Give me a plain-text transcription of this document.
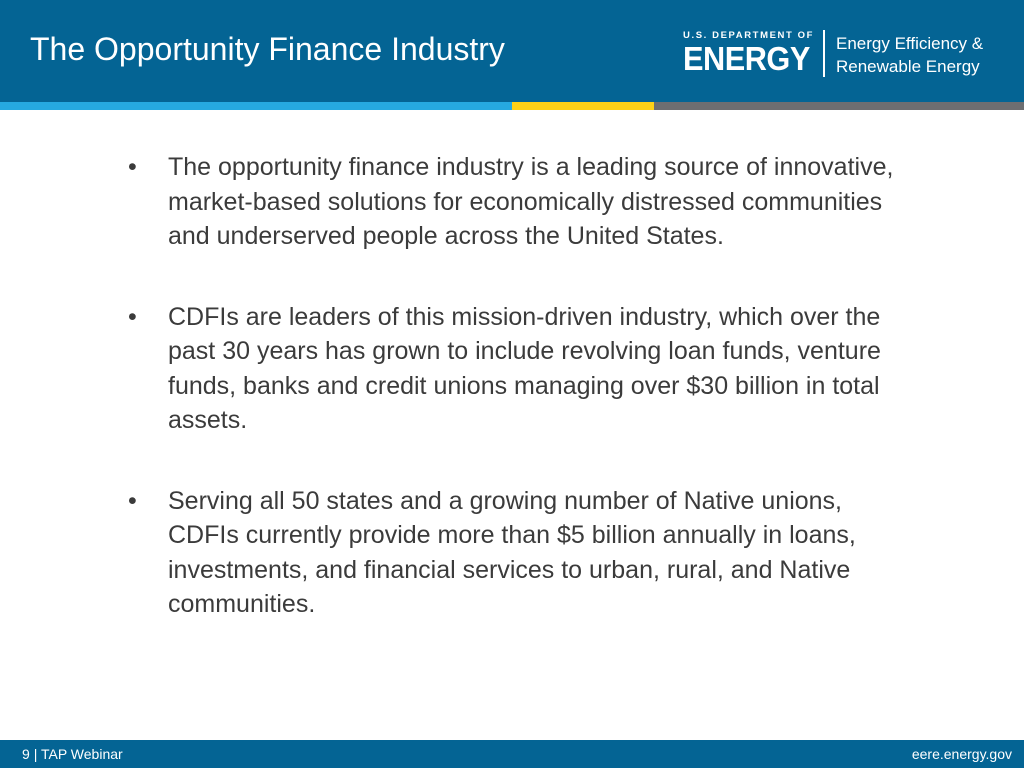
The Opportunity Finance Industry	U.S. DEPARTMENT OF
ENERGY Energy Efficiency &
Renewable Energy
• The opportunity finance industry is a leading source of innovative, market-based solutions for economically distressed communities and underserved people across the United States.
• CDFIs are leaders of this mission-driven industry, which over the past 30 years has grown to include revolving loan funds, venture funds, banks and credit unions managing over $30 billion in total assets.
• Serving all 50 states and a growing number of Native unions, CDFIs currently provide more than $5 billion annually in loans, investments, and financial services to urban, rural, and Native communities.
9 | TAP Webinar	eere.energy.gov
